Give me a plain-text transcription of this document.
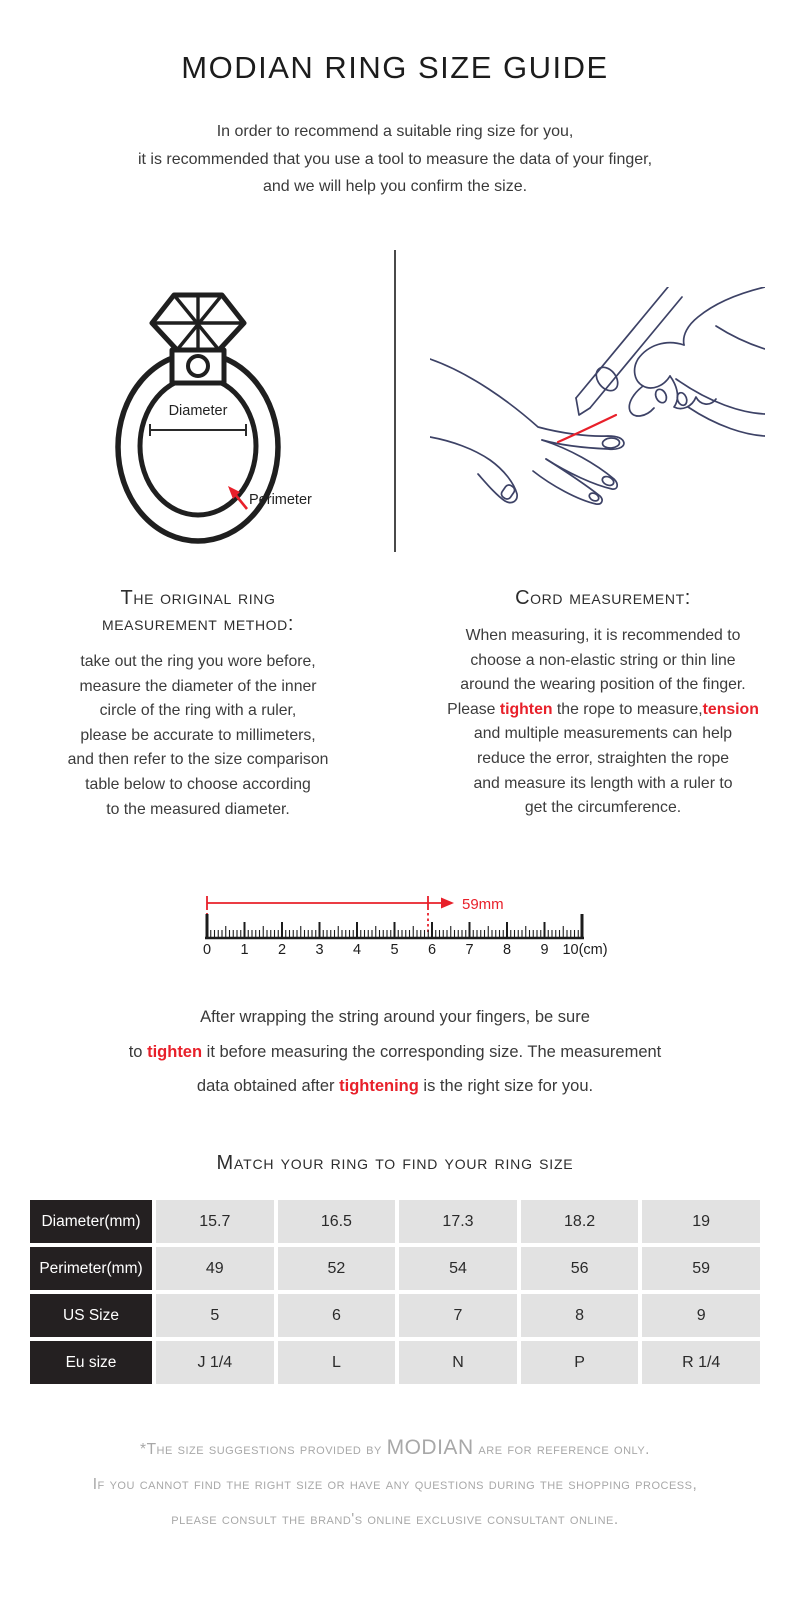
MODIAN RING SIZE GUIDE
In order to recommend a suitable ring size for you,
it is recommended that you use a tool to measure the data of your finger,
and we will help you confirm the size.
Diameter
Perimeter
The original ring
measurement method:
take out the ring you wore before,
measure the diameter of the inner
circle of the ring with a ruler,
please be accurate to millimeters,
and then refer to the size comparison
table below to choose according
to the measured diameter.
Cord measurement:
When measuring, it is recommended to
choose a non-elastic string or thin line
around the wearing position of the finger.
Please tighten the rope to measure,tension
and multiple measurements can help
reduce the error, straighten the rope
and measure its length with a ruler to
get the circumference.
59mm
0 1 2 3 4 5 6 7 8 9 10(cm)
After wrapping the string around your fingers, be sure
to tighten it before measuring the corresponding size. The measurement
data obtained after tightening is the right size for you.
Match your ring to find your ring size
Diameter(mm)	15.7	16.5	17.3	18.2	19
Perimeter(mm)	49	52	54	56	59
US Size	5	6	7	8	9
Eu size	J 1/4	L	N	P	R 1/4
*The size suggestions provided by MODIAN are for reference only.
If you cannot find the right size or have any questions during the shopping process,
please consult the brand's online exclusive consultant online.
